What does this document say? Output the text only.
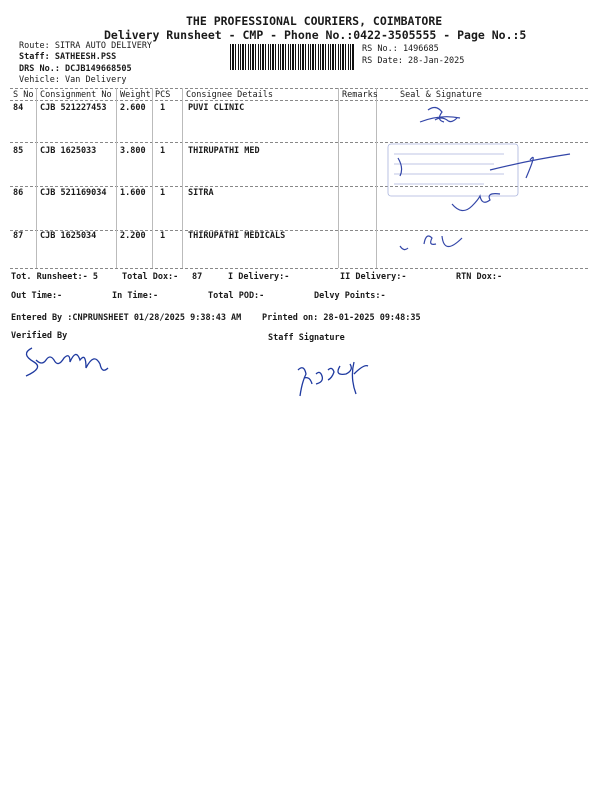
THE PROFESSIONAL COURIERS, COIMBATORE
Delivery Runsheet - CMP - Phone No.:0422-3505555 - Page No.:5
Route: SITRA AUTO DELIVERY
Staff: SATHEESH.PSS
DRS No.: DCJB149668505
Vehicle: Van Delivery
RS No.: 1496685
RS Date: 28-Jan-2025
S No Consignment No Weight PCS Consignee Details	Remarks	Seal & Signature
84 CJB 521227453 2.600 1	PUVI CLINIC
85 CJB 1625033	3.800 1	THIRUPATHI MED
86 CJB 521169034 1.600 1	SITRA
87 CJB 1625034	2.200 1	THIRUPATHI MEDICALS
Tot. Runsheet:- 5	Total Dox:- 87	I Delivery:-	II Delivery:-	RTN Dox:-
Out Time:-	In Time:-	Total POD:-	Delvy Points:-
Entered By :CNPRUNSHEET 01/28/2025 9:38:43 AM Printed on: 28-01-2025 09:48:35
Verified By	Staff Signature
